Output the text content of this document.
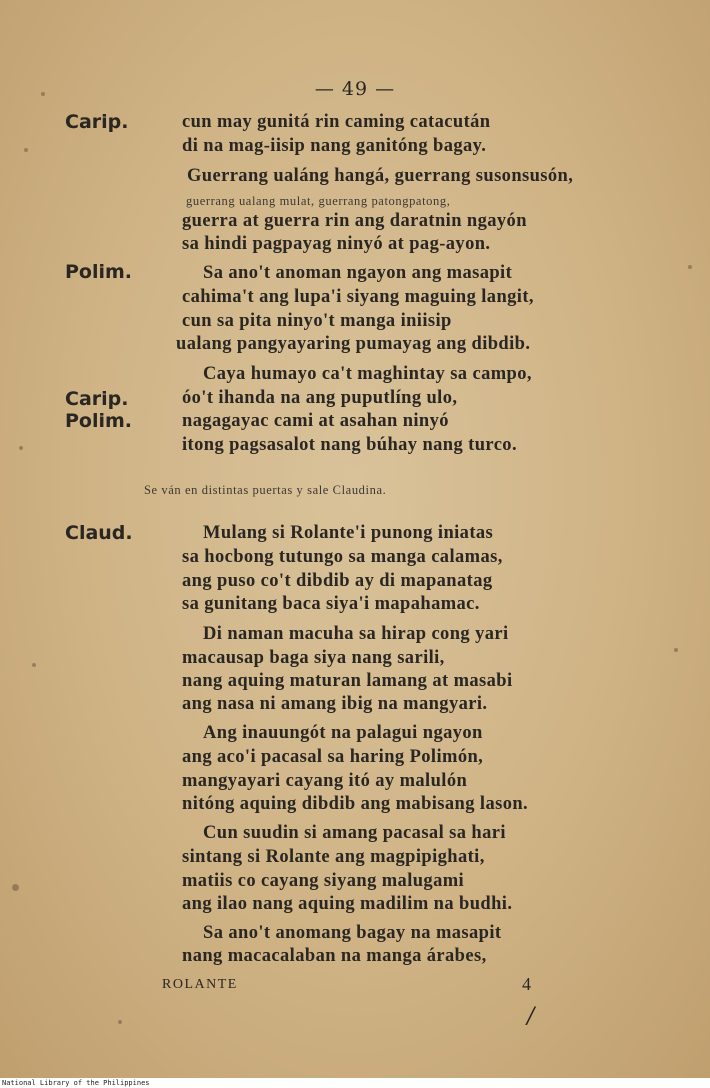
— 49 —
Carip.
Polim.
Carip.
Polim.
Claud.
cun may gunitá rin caming catacután
di na mag-iisip nang ganitóng bagay.
Guerrang ualáng hangá, guerrang susonsusón,
guerrang ualang mulat, guerrang patongpatong,
guerra at guerra rin ang daratnin ngayón
sa hindi pagpayag ninyó at pag-ayon.
Sa ano't anoman ngayon ang masapit
cahima't ang lupa'i siyang maguing langit,
cun sa pita ninyo't manga iniisip
ualang pangyayaring pumayag ang dibdib.
Caya humayo ca't maghintay sa campo,
óo't ihanda na ang puputlíng ulo,
nagagayac cami at asahan ninyó
itong pagsasalot nang búhay nang turco.
Se ván en distintas puertas y sale Claudina.
Mulang si Rolante'i punong iniatas
sa hocbong tutungo sa manga calamas,
ang puso co't dibdib ay di mapanatag
sa gunitang baca siya'i mapahamac.
Di naman macuha sa hirap cong yari
macausap baga siya nang sarili,
nang aquing maturan lamang at masabi
ang nasa ni amang ibig na mangyari.
Ang inauungót na palagui ngayon
ang aco'i pacasal sa haring Polimón,
mangyayari cayang itó ay malulón
nitóng aquing dibdib ang mabisang lason.
Cun suudin si amang pacasal sa hari
sintang si Rolante ang magpipighati,
matiis co cayang siyang malugami
ang ilao nang aquing madilim na budhi.
Sa ano't anomang bagay na masapit
nang macacalaban na manga árabes,
ROLANTE	4
/
National Library of the Philippines
